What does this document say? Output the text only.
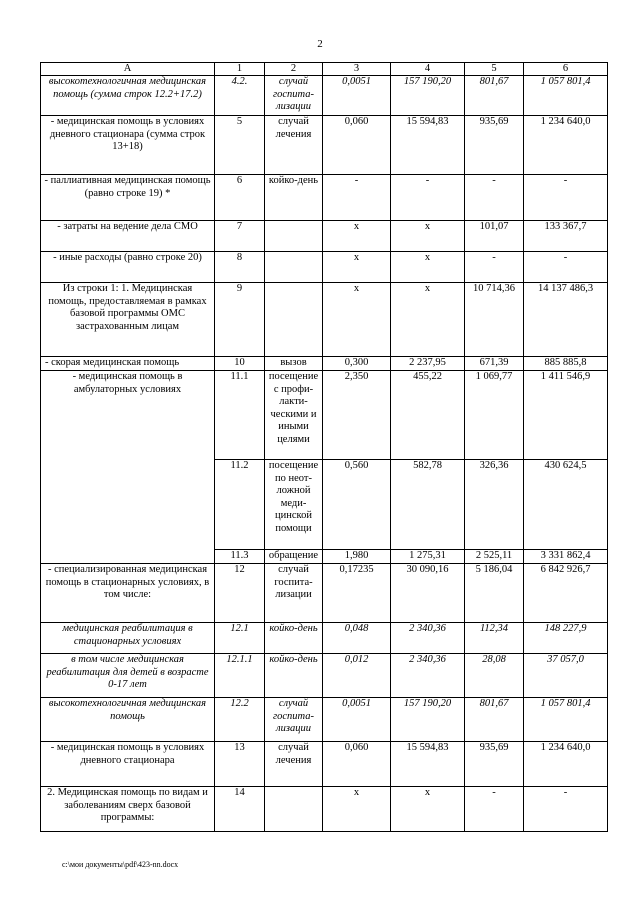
2
А	1	2	3	4	5	6
высокотехнологичная медицинская помощь (сумма строк 12.2+17.2)	4.2.	случай госпита-лизации	0,0051	157 190,20	801,67	1 057 801,4
- медицинская помощь в условиях дневного стационара (сумма строк 13+18)	5	случай лечения	0,060	15 594,83	935,69	1 234 640,0
- паллиативная медицинская помощь (равно строке 19) *	6	койко-день	-	-	-	-
- затраты на ведение дела СМО	7		х	х	101,07	133 367,7
- иные расходы (равно строке 20)	8		х	х	-	-
Из строки 1: 1. Медицинская помощь, предоставляемая в рамках базовой программы ОМС застрахованным лицам	9		х	х	10 714,36	14 137 486,3
- скорая медицинская помощь	10	вызов	0,300	2 237,95	671,39	885 885,8
- медицинская помощь в амбулаторных условиях	11.1	посещение с профи-лакти-ческими и иными целями	2,350	455,22	1 069,77	1 411 546,9
	11.2	посещение по неот-ложной меди-цинской помощи	0,560	582,78	326,36	430 624,5
	11.3	обращение	1,980	1 275,31	2 525,11	3 331 862,4
- специализированная медицинская помощь в стационарных условиях, в том числе:	12	случай госпита-лизации	0,17235	30 090,16	5 186,04	6 842 926,7
медицинская реабилитация в стационарных условиях	12.1	койко-день	0,048	2 340,36	112,34	148 227,9
в том числе медицинская реабилитация для детей в возрасте 0-17 лет	12.1.1	койко-день	0,012	2 340,36	28,08	37 057,0
высокотехнологичная медицинская помощь	12.2	случай госпита-лизации	0,0051	157 190,20	801,67	1 057 801,4
- медицинская помощь в условиях дневного стационара	13	случай лечения	0,060	15 594,83	935,69	1 234 640,0
2. Медицинская помощь по видам и заболеваниям сверх базовой программы:	14		х	х	-	-
c:\мои документы\pdf\423-nn.docx
